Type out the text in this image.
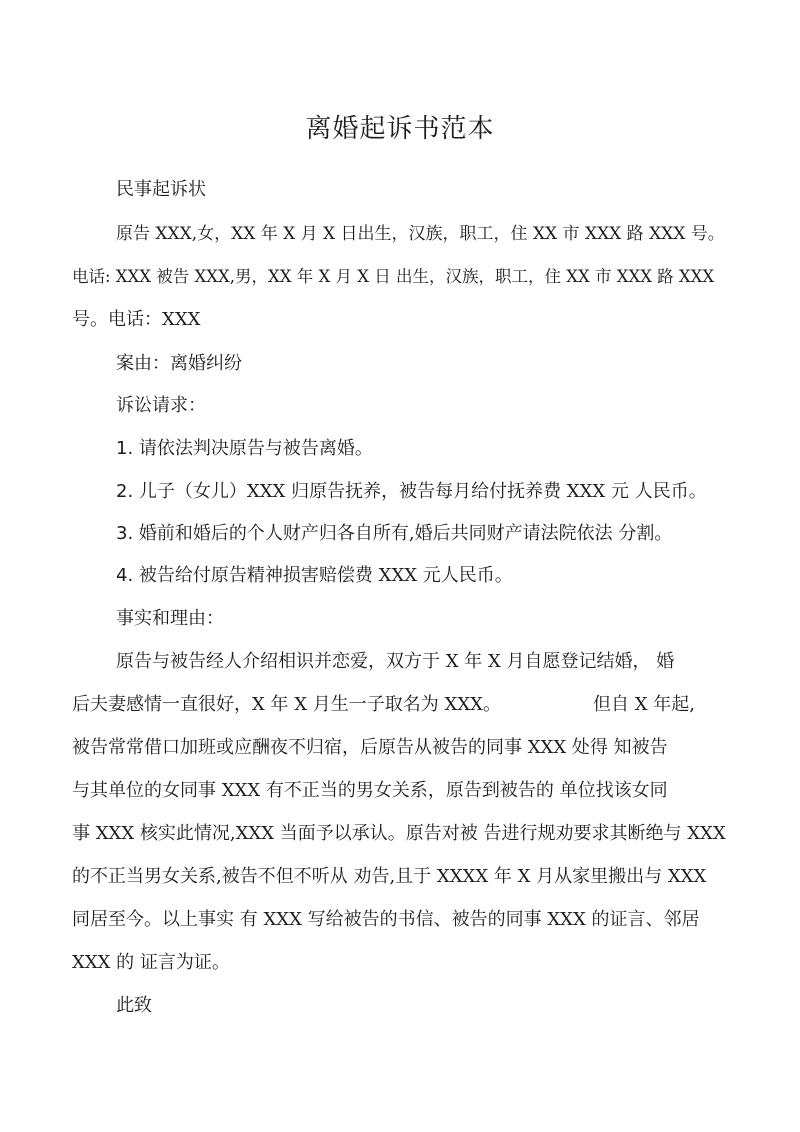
离婚起诉书范本
民事起诉状
原告 XXX,女，XX 年 X 月 X 日出生，汉族，职工，住 XX 市 XXX 路 XXX 号。
电话: XXX 被告 XXX,男，XX 年 X 月 X 日 出生，汉族，职工，住 XX 市 XXX 路 XXX
号。电话：XXX
案由：离婚纠纷
诉讼请求：
1. 请依法判决原告与被告离婚。
2. 儿子（女儿）XXX 归原告抚养，被告每月给付抚养费 XXX 元 人民币。
3. 婚前和婚后的个人财产归各自所有,婚后共同财产请法院依法 分割。
4. 被告给付原告精神损害赔偿费 XXX 元人民币。
事实和理由：
原告与被告经人介绍相识并恋爱，双方于 X 年 X 月自愿登记结婚， 婚
后夫妻感情一直很好，X 年 X 月生一子取名为 XXX。	但自 X 年起,
被告常常借口加班或应酬夜不归宿，后原告从被告的同事 XXX 处得 知被告
与其单位的女同事 XXX 有不正当的男女关系，原告到被告的 单位找该女同
事 XXX 核实此情况,XXX 当面予以承认。原告对被 告进行规劝要求其断绝与 XXX
的不正当男女关系,被告不但不听从 劝告,且于 XXXX 年 X 月从家里搬出与 XXX
同居至今。以上事实 有 XXX 写给被告的书信、被告的同事 XXX 的证言、邻居
XXX 的 证言为证。
此致
